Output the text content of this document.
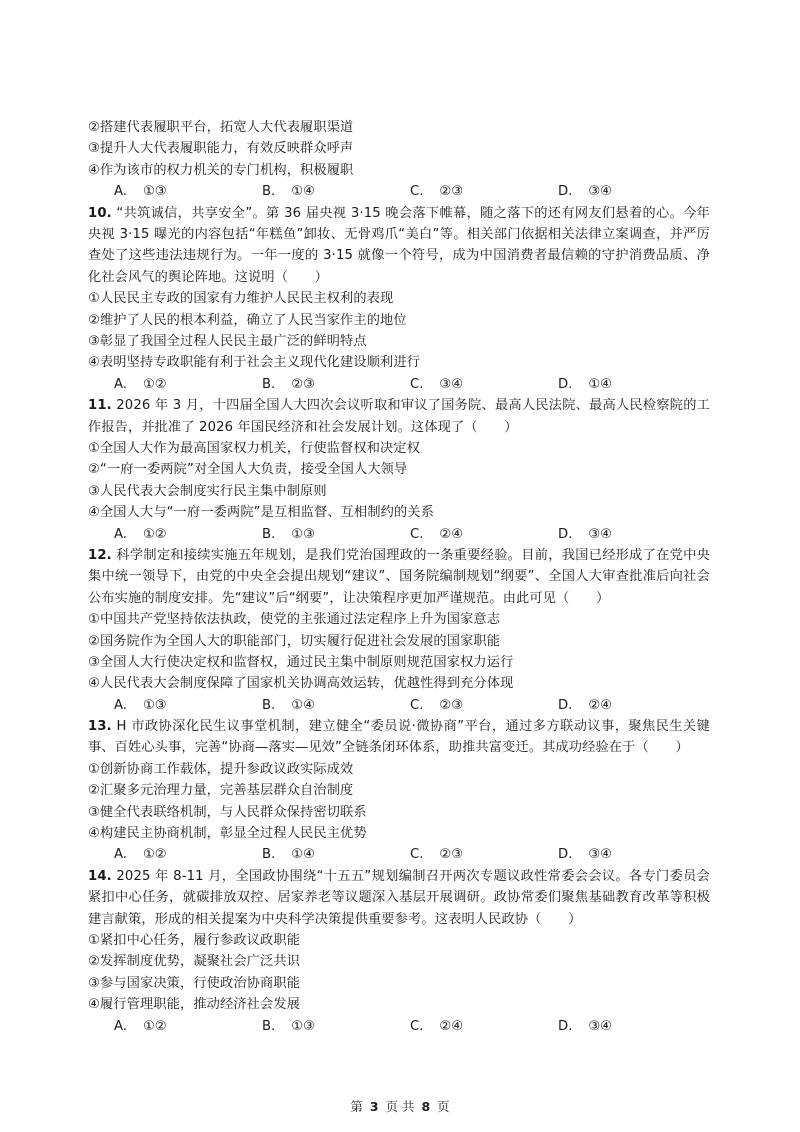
②搭建代表履职平台，拓宽人大代表履职渠道
③提升人大代表履职能力，有效反映群众呼声
④作为该市的权力机关的专门机构，积极履职
A. ①③	B. ①④	C. ②③	D. ③④

10. “共筑诚信，共享安全”。第 36 届央视 3·15 晚会落下帷幕，随之落下的还有网友们悬着的心。今年央视 3·15 曝光的内容包括“年糕鱼”卸妆、无骨鸡爪“美白”等。相关部门依据相关法律立案调查，并严厉查处了这些违法违规行为。一年一度的 3·15 就像一个符号，成为中国消费者最信赖的守护消费品质、净化社会风气的舆论阵地。这说明（　　）

①人民民主专政的国家有力维护人民民主权利的表现
②维护了人民的根本利益，确立了人民当家作主的地位
③彰显了我国全过程人民民主最广泛的鲜明特点
④表明坚持专政职能有利于社会主义现代化建设顺利进行
A. ①②	B. ②③	C. ③④	D. ①④

11. 2026 年 3 月，十四届全国人大四次会议听取和审议了国务院、最高人民法院、最高人民检察院的工作报告，并批准了 2026 年国民经济和社会发展计划。这体现了（　　）

①全国人大作为最高国家权力机关，行使监督权和决定权
②“一府一委两院”对全国人大负责，接受全国人大领导
③人民代表大会制度实行民主集中制原则
④全国人大与“一府一委两院”是互相监督、互相制约的关系
A. ①②	B. ①③	C. ②④	D. ③④

12. 科学制定和接续实施五年规划，是我们党治国理政的一条重要经验。目前，我国已经形成了在党中央集中统一领导下，由党的中央全会提出规划“建议”、国务院编制规划“纲要”、全国人大审查批准后向社会公布实施的制度安排。先“建议”后“纲要”，让决策程序更加严谨规范。由此可见（　　）

①中国共产党坚持依法执政，使党的主张通过法定程序上升为国家意志
②国务院作为全国人大的职能部门，切实履行促进社会发展的国家职能
③全国人大行使决定权和监督权，通过民主集中制原则规范国家权力运行
④人民代表大会制度保障了国家机关协调高效运转，优越性得到充分体现
A. ①③	B. ①④	C. ②③	D. ②④

13. H 市政协深化民生议事堂机制，建立健全“委员说·微协商”平台，通过多方联动议事，聚焦民生关键事、百姓心头事，完善“协商—落实—见效”全链条闭环体系，助推共富变迁。其成功经验在于（　　）

①创新协商工作载体，提升参政议政实际成效
②汇聚多元治理力量，完善基层群众自治制度
③健全代表联络机制，与人民群众保持密切联系
④构建民主协商机制，彰显全过程人民民主优势
A. ①②	B. ①④	C. ②③	D. ③④

14. 2025 年 8-11 月，全国政协围绕“十五五”规划编制召开两次专题议政性常委会会议。各专门委员会紧扣中心任务，就碳排放双控、居家养老等议题深入基层开展调研。政协常委们聚焦基础教育改革等积极建言献策，形成的相关提案为中央科学决策提供重要参考。这表明人民政协（　　）

①紧扣中心任务，履行参政议政职能
②发挥制度优势，凝聚社会广泛共识
③参与国家决策，行使政治协商职能
④履行管理职能，推动经济社会发展
A. ①②	B. ①③	C. ②④	D. ③④
第 3 页 共 8 页
